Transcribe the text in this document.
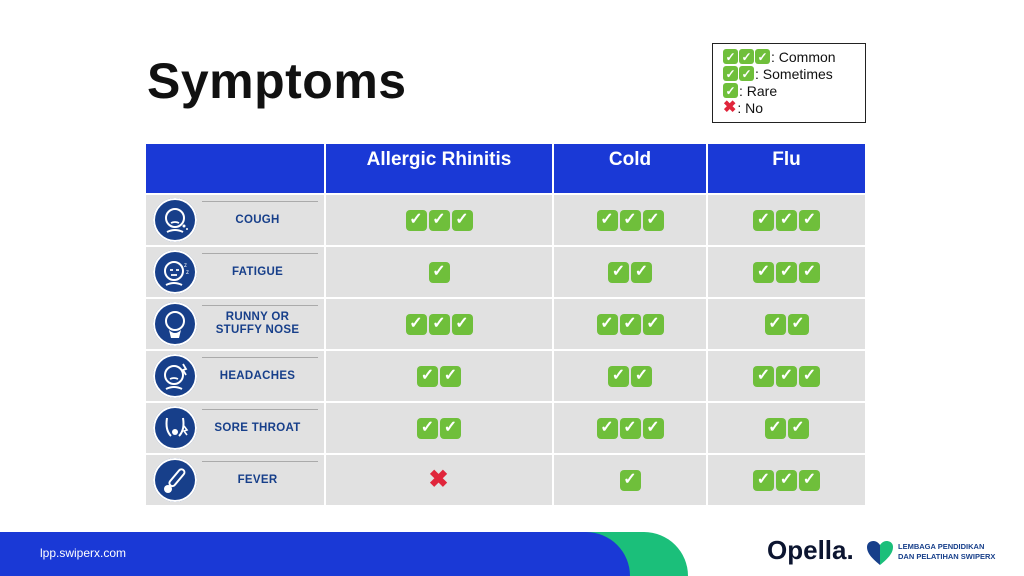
Symptoms	✓ ✓ ✓ : Common
✓ ✓ : Sometimes
✓ : Rare
✖ : No
	Allergic Rhinitis	Cold	Flu

COUGH	✓ ✓ ✓	✓ ✓ ✓	✓ ✓ ✓

z
z FATIGUE	✓	✓ ✓	✓ ✓ ✓

RUNNY OR
STUFFY NOSE	✓ ✓ ✓	✓ ✓ ✓	✓ ✓

HEADACHES	✓ ✓	✓ ✓	✓ ✓ ✓

SORE THROAT	✓ ✓	✓ ✓ ✓	✓ ✓

FEVER	✖	✓	✓ ✓ ✓
lpp.swiperx.com	Opella.	LEMBAGA PENDIDIKAN
DAN PELATIHAN SWIPERX
